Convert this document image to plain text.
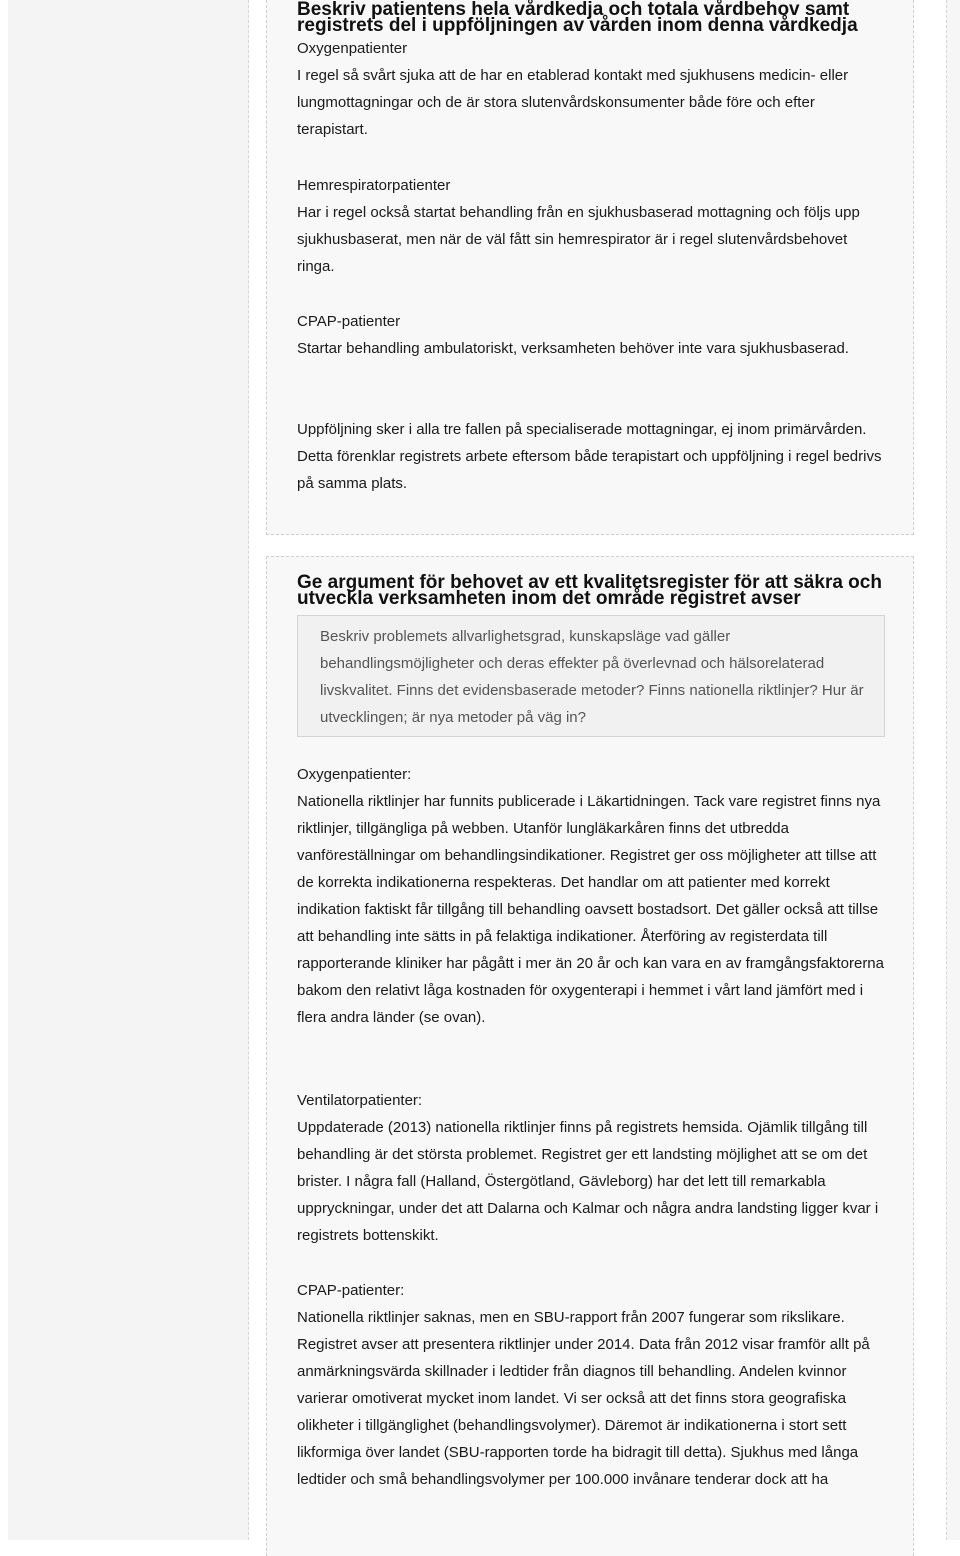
Beskriv patientens hela vårdkedja och totala vårdbehov samt registrets del i uppföljningen av vården inom denna vårdkedja

Oxygenpatienter

I regel så svårt sjuka att de har en etablerad kontakt med sjukhusens medicin- eller lungmottagningar och de är stora slutenvårdskonsumenter både före och efter terapistart.

Hemrespiratorpatienter

Har i regel också startat behandling från en sjukhusbaserad mottagning och följs upp sjukhusbaserat, men när de väl fått sin hemrespirator är i regel slutenvårdsbehovet ringa.

CPAP-patienter

Startar behandling ambulatoriskt, verksamheten behöver inte vara sjukhusbaserad.

Uppföljning sker i alla tre fallen på specialiserade mottagningar, ej inom primärvården. Detta förenklar registrets arbete eftersom både terapistart och uppföljning i regel bedrivs på samma plats.

Ge argument för behovet av ett kvalitetsregister för att säkra och utveckla verksamheten inom det område registret avser

Beskriv problemets allvarlighetsgrad, kunskapsläge vad gäller behandlingsmöjligheter och deras effekter på överlevnad och hälsorelaterad livskvalitet. Finns det evidensbaserade metoder? Finns nationella riktlinjer? Hur är utvecklingen; är nya metoder på väg in?

Oxygenpatienter:

Nationella riktlinjer har funnits publicerade i Läkartidningen. Tack vare registret finns nya riktlinjer, tillgängliga på webben. Utanför lungläkarkåren finns det utbredda vanföreställningar om behandlingsindikationer. Registret ger oss möjligheter att tillse att de korrekta indikationerna respekteras. Det handlar om att patienter med korrekt indikation faktiskt får tillgång till behandling oavsett bostadsort. Det gäller också att tillse att behandling inte sätts in på felaktiga indikationer. Återföring av registerdata till rapporterande kliniker har pågått i mer än 20 år och kan vara en av framgångsfaktorerna bakom den relativt låga kostnaden för oxygenterapi i hemmet i vårt land jämfört med i flera andra länder (se ovan).

Ventilatorpatienter:

Uppdaterade (2013) nationella riktlinjer finns på registrets hemsida. Ojämlik tillgång till behandling är det största problemet. Registret ger ett landsting möjlighet att se om det brister. I några fall (Halland, Östergötland, Gävleborg) har det lett till remarkabla uppryckningar, under det att Dalarna och Kalmar och några andra landsting ligger kvar i registrets bottenskikt.

CPAP-patienter:

Nationella riktlinjer saknas, men en SBU-rapport från 2007 fungerar som rikslikare. Registret avser att presentera riktlinjer under 2014. Data från 2012 visar framför allt på anmärkningsvärda skillnader i ledtider från diagnos till behandling. Andelen kvinnor varierar omotiverat mycket inom landet. Vi ser också att det finns stora geografiska olikheter i tillgänglighet (behandlingsvolymer). Däremot är indikationerna i stort sett likformiga över landet (SBU-rapporten torde ha bidragit till detta). Sjukhus med långa ledtider och små behandlingsvolymer per 100.000 invånare tenderar dock att ha
